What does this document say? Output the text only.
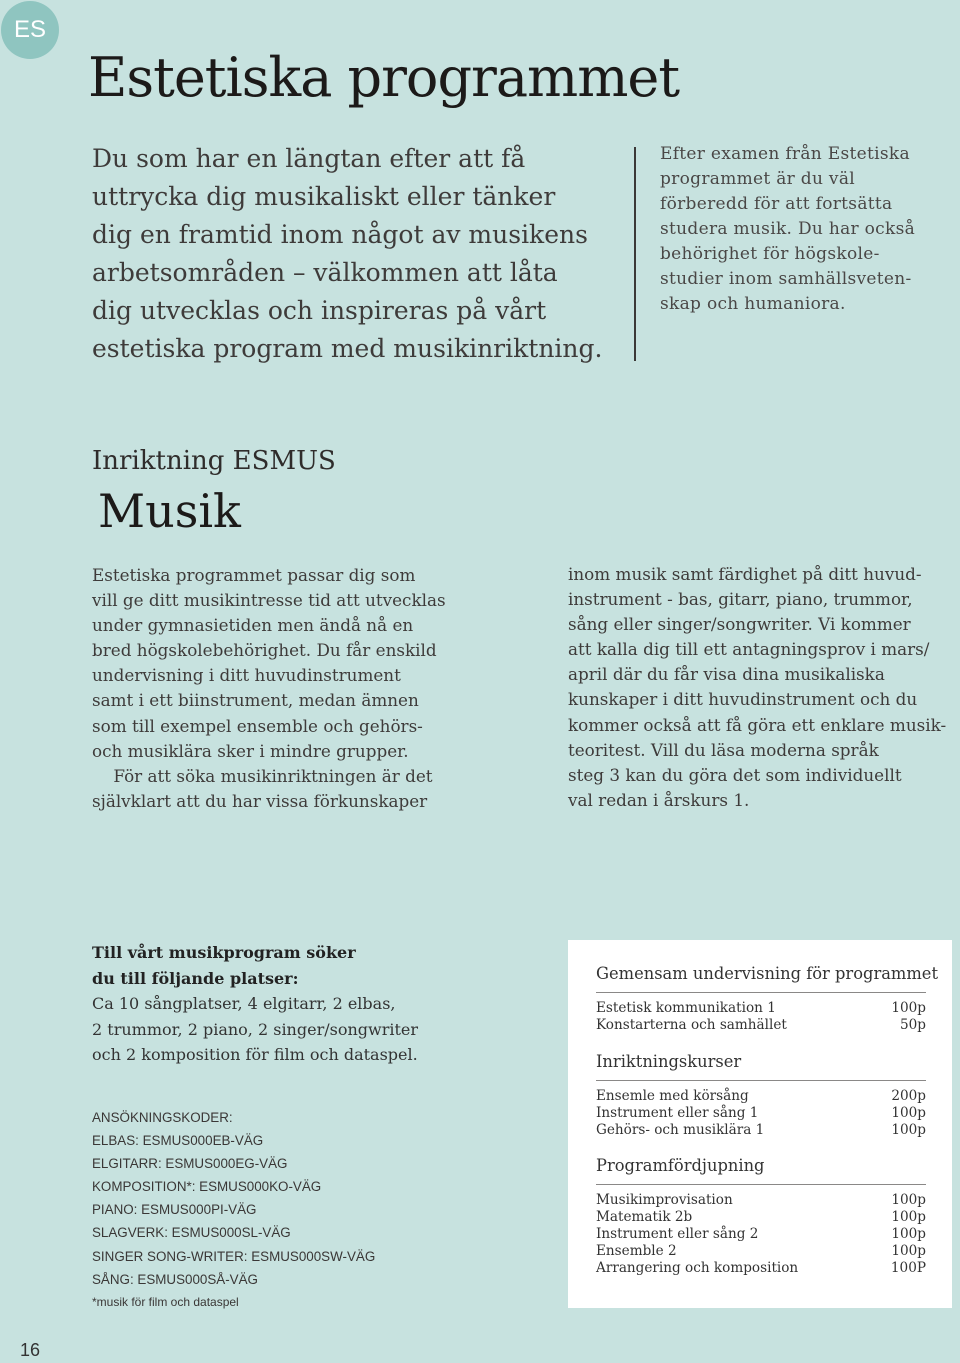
ES
Estetiska programmet
Du som har en längtan efter att få
uttrycka dig musikaliskt eller tänker
dig en framtid inom något av musikens
arbetsområden – välkommen att låta
dig utvecklas och inspireras på vårt
estetiska program med musikinriktning.
Efter examen från Estetiska
programmet är du väl
förberedd för att fortsätta
studera musik. Du har också
behörighet för högskole-
studier inom samhällsveten-
skap och humaniora.
Inriktning ESMUS
Musik
Estetiska programmet passar dig som
vill ge ditt musikintresse tid att utvecklas
under gymnasietiden men ändå nå en
bred högskolebehörighet. Du får enskild
undervisning i ditt huvudinstrument
samt i ett biinstrument, medan ämnen
som till exempel ensemble och gehörs-
och musiklära sker i mindre grupper.
För att söka musikinriktningen är det
självklart att du har vissa förkunskaper
inom musik samt färdighet på ditt huvud-
instrument - bas, gitarr, piano, trummor,
sång eller singer/songwriter. Vi kommer
att kalla dig till ett antagningsprov i mars/
april där du får visa dina musikaliska
kunskaper i ditt huvudinstrument och du
kommer också att få göra ett enklare musik-
teoritest. Vill du läsa moderna språk
steg 3 kan du göra det som individuellt
val redan i årskurs 1.
Till vårt musikprogram söker
du till följande platser:
Ca 10 sångplatser, 4 elgitarr, 2 elbas,
2 trummor, 2 piano, 2 singer/songwriter
och 2 komposition för film och dataspel.
ANSÖKNINGSKODER:
ELBAS: ESMUS000EB-VÄG
ELGITARR: ESMUS000EG-VÄG
KOMPOSITION*: ESMUS000KO-VÄG
PIANO: ESMUS000PI-VÄG
SLAGVERK: ESMUS000SL-VÄG
SINGER SONG-WRITER: ESMUS000SW-VÄG
SÅNG: ESMUS000SÅ-VÄG
*musik för film och dataspel
Gemensam undervisning för programmet
Estetisk kommunikation 1	100p
Konstarterna och samhället	50p
Inriktningskurser
Ensemle med körsång	200p
Instrument eller sång 1	100p
Gehörs- och musiklära 1	100p
Programfördjupning
Musikimprovisation	100p
Matematik 2b	100p
Instrument eller sång 2	100p
Ensemble 2	100p
Arrangering och komposition	100P
16
